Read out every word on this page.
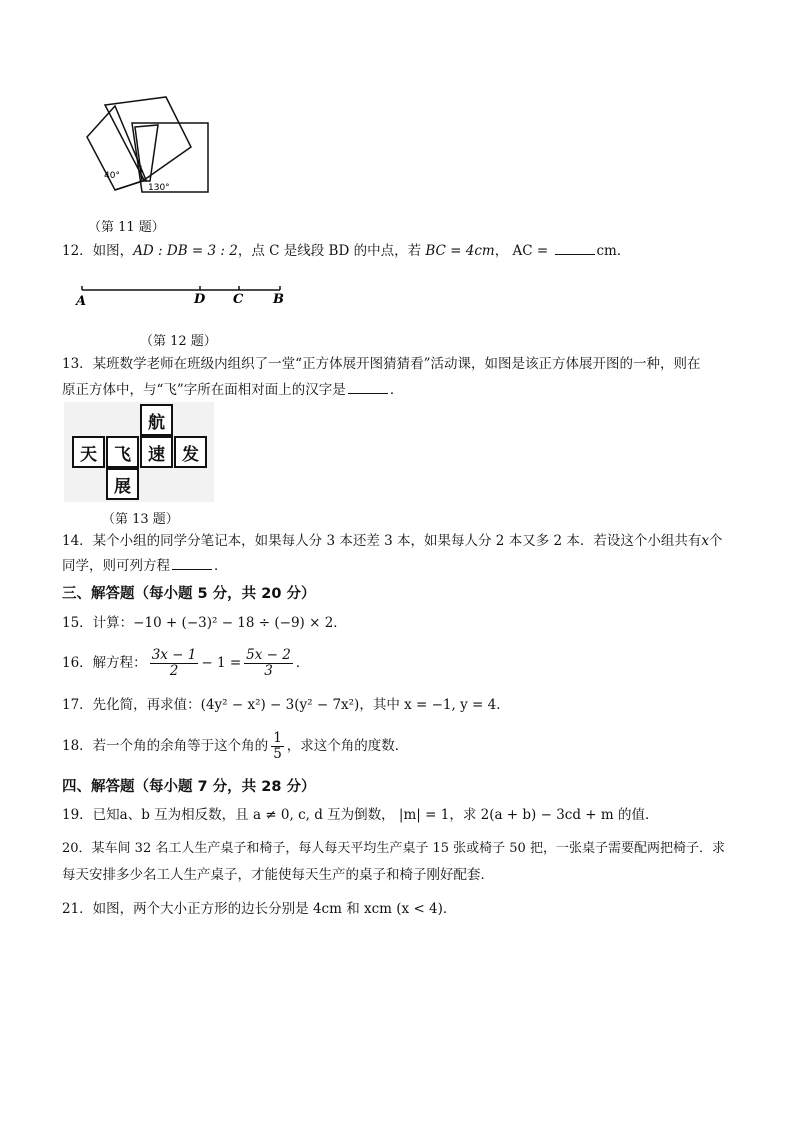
40°
1
130°
（第 11 题）
12．如图，AD : DB = 3 : 2，点 C 是线段 BD 的中点，若 BC = 4cm， AC =	cm．
A	D C B
（第 12 题）
13．某班数学老师在班级内组织了一堂“正方体展开图猜猜看”活动课，如图是该正方体展开图的一种，则在
原正方体中，与“飞”字所在面相对面上的汉字是	．
航
天	飞	速	发
展
（第 13 题）
14．某个小组的同学分笔记本，如果每人分 3 本还差 3 本，如果每人分 2 本又多 2 本．若设这个小组共有x个
同学，则可列方程	．
三、解答题（每小题 5 分，共 20 分）
15．计算：−10 + (−3)² − 18 ÷ (−9) × 2．
16．解方程： $\frac{3x - 1}{2} - 1 = \frac{5x - 2}{3}$ ．
17．先化简，再求值：(4y² − x²) − 3(y² − 7x²)，其中 x = −1, y = 4．
18．若一个角的余角等于这个角的 $\frac{1}{5}$ ，求这个角的度数．
四、解答题（每小题 7 分，共 28 分）
19．已知a、b 互为相反数，且 a ≠ 0, c, d 互为倒数， |m| = 1，求 2(a + b) − 3cd + m 的值．
20．某车间 32 名工人生产桌子和椅子，每人每天平均生产桌子 15 张或椅子 50 把，一张桌子需要配两把椅子．求
每天安排多少名工人生产桌子，才能使每天生产的桌子和椅子刚好配套．
21．如图，两个大小正方形的边长分别是 4cm 和 xcm (x < 4)．
